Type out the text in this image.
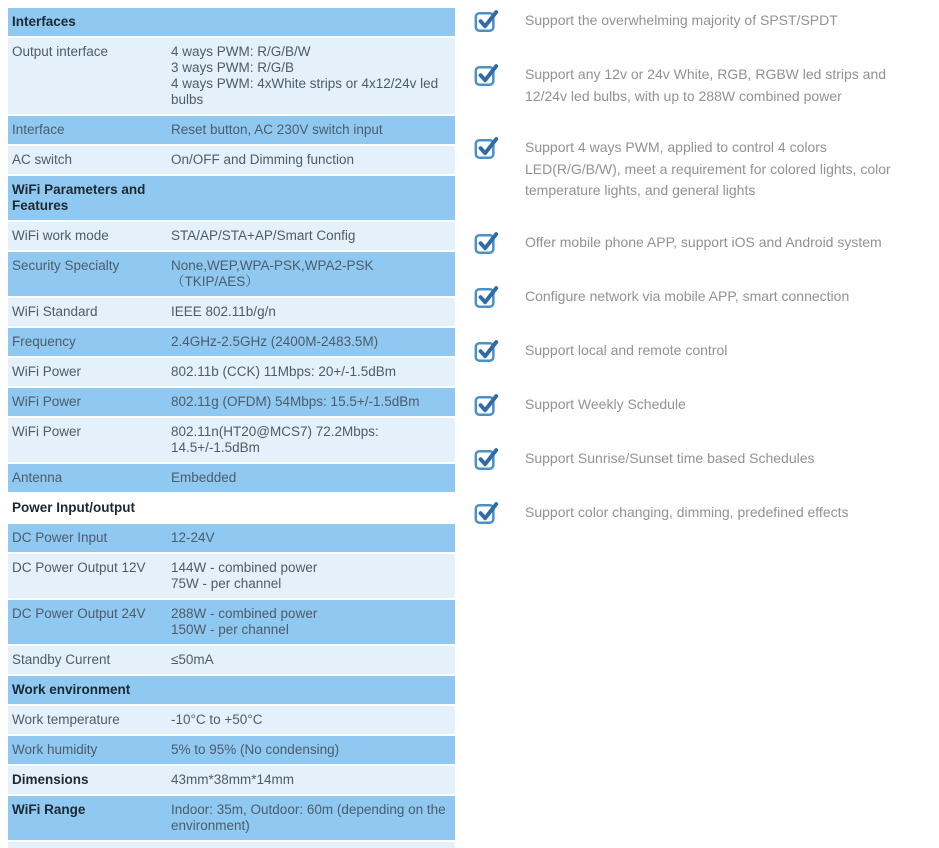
Interfaces
Output interface	4 ways PWM: R/G/B/W
3 ways PWM: R/G/B
4 ways PWM: 4xWhite strips or 4x12/24v led bulbs
Interface	Reset button, AC 230V switch input
AC switch	On/OFF and Dimming function
WiFi Parameters and Features
WiFi work mode	STA/AP/STA+AP/Smart Config
Security Specialty	None,WEP,WPA-PSK,WPA2-PSK （TKIP/AES）
WiFi Standard	IEEE 802.11b/g/n
Frequency	2.4GHz-2.5GHz (2400M-2483.5M)
WiFi Power	802.11b (CCK) 11Mbps: 20+/-1.5dBm
WiFi Power	802.11g (OFDM) 54Mbps: 15.5+/-1.5dBm
WiFi Power	802.11n(HT20@MCS7) 72.2Mbps:
14.5+/-1.5dBm
Antenna	Embedded
Power Input/output
DC Power Input	12-24V
DC Power Output 12V	144W - combined power
75W - per channel
DC Power Output 24V	288W - combined power
150W - per channel
Standby Current	≤50mA
Work environment
Work temperature	-10°C to +50°C
Work humidity	5% to 95% (No condensing)
Dimensions	43mm*38mm*14mm
WiFi Range	Indoor: 35m, Outdoor: 60m (depending on the environment)
Support the overwhelming majority of SPST/SPDT
Support any 12v or 24v White, RGB, RGBW led strips and 12/24v led bulbs, with up to 288W combined power
Support 4 ways PWM, applied to control 4 colors LED(R/G/B/W), meet a requirement for colored lights, color temperature lights, and general lights
Offer mobile phone APP, support iOS and Android system
Configure network via mobile APP, smart connection
Support local and remote control
Support Weekly Schedule
Support Sunrise/Sunset time based Schedules
Support color changing, dimming, predefined effects
